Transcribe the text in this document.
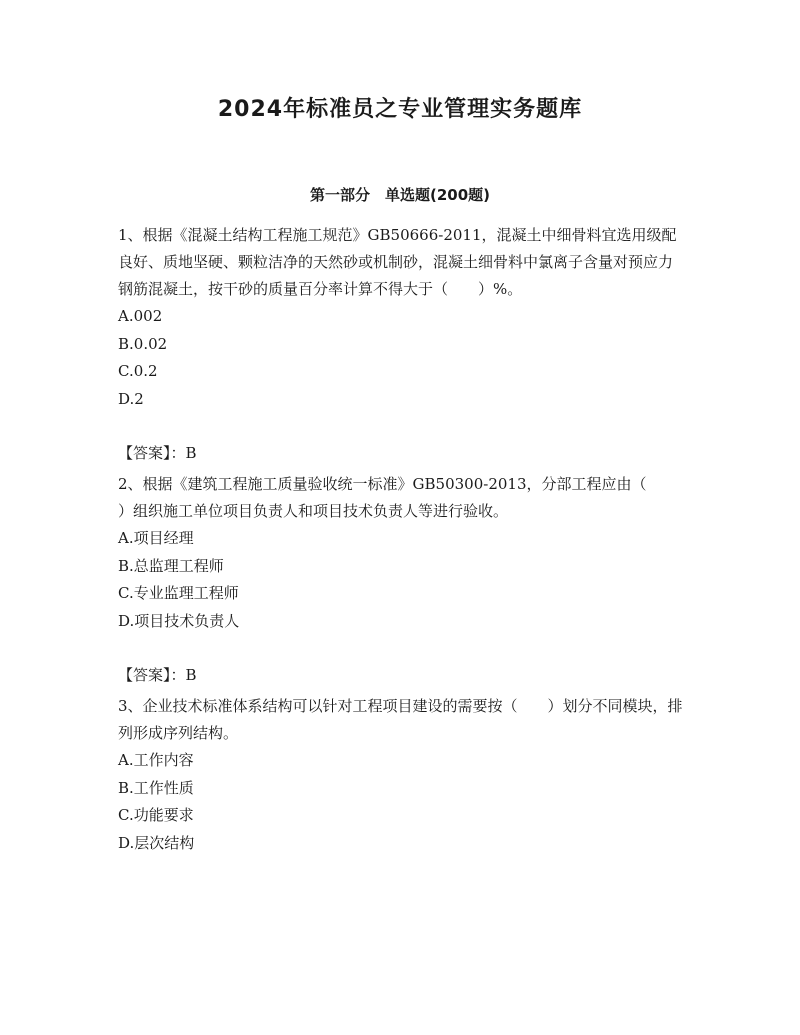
2024年标准员之专业管理实务题库
第一部分　单选题(200题)

1、根据《混凝土结构工程施工规范》GB50666-2011，混凝土中细骨料宜选用级配良好、质地坚硬、颗粒洁净的天然砂或机制砂，混凝土细骨料中氯离子含量对预应力钢筋混凝土，按干砂的质量百分率计算不得大于（　　）%。

A.002

B.0.02

C.0.2

D.2

【答案】：B

2、根据《建筑工程施工质量验收统一标准》GB50300-2013，分部工程应由（　　）组织施工单位项目负责人和项目技术负责人等进行验收。

A.项目经理

B.总监理工程师

C.专业监理工程师

D.项目技术负责人

【答案】：B

3、企业技术标准体系结构可以针对工程项目建设的需要按（　　）划分不同模块，排列形成序列结构。

A.工作内容

B.工作性质

C.功能要求

D.层次结构
